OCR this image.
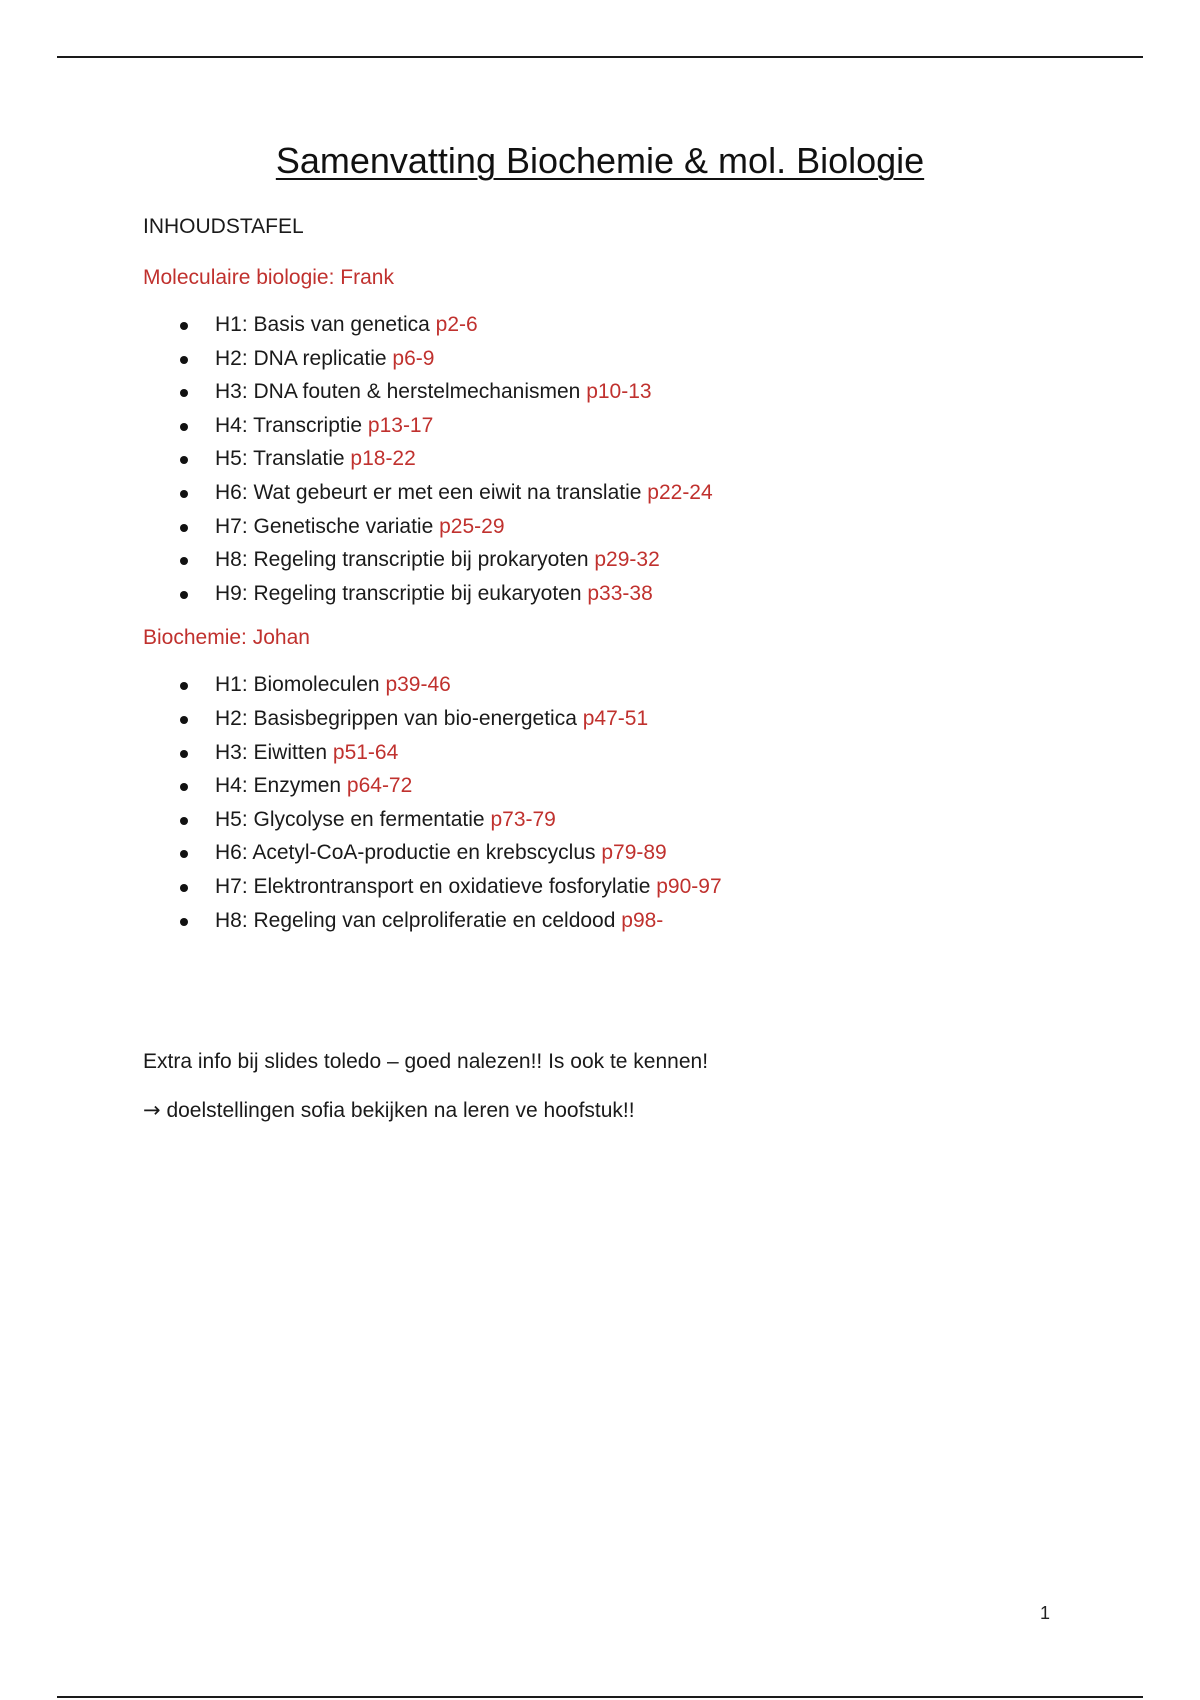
Samenvatting Biochemie & mol. Biologie

INHOUDSTAFEL

Moleculaire biologie: Frank

H1: Basis van genetica p2-6
H2: DNA replicatie p6-9
H3: DNA fouten & herstelmechanismen p10-13
H4: Transcriptie p13-17
H5: Translatie p18-22
H6: Wat gebeurt er met een eiwit na translatie p22-24
H7: Genetische variatie p25-29
H8: Regeling transcriptie bij prokaryoten p29-32
H9: Regeling transcriptie bij eukaryoten p33-38

Biochemie: Johan

H1: Biomoleculen p39-46
H2: Basisbegrippen van bio-energetica p47-51
H3: Eiwitten p51-64
H4: Enzymen p64-72
H5: Glycolyse en fermentatie p73-79
H6: Acetyl-CoA-productie en krebscyclus p79-89
H7: Elektrontransport en oxidatieve fosforylatie p90-97
H8: Regeling van celproliferatie en celdood p98-

Extra info bij slides toledo – goed nalezen!! Is ook te kennen!

→ doelstellingen sofia bekijken na leren ve hoofstuk!!

1
